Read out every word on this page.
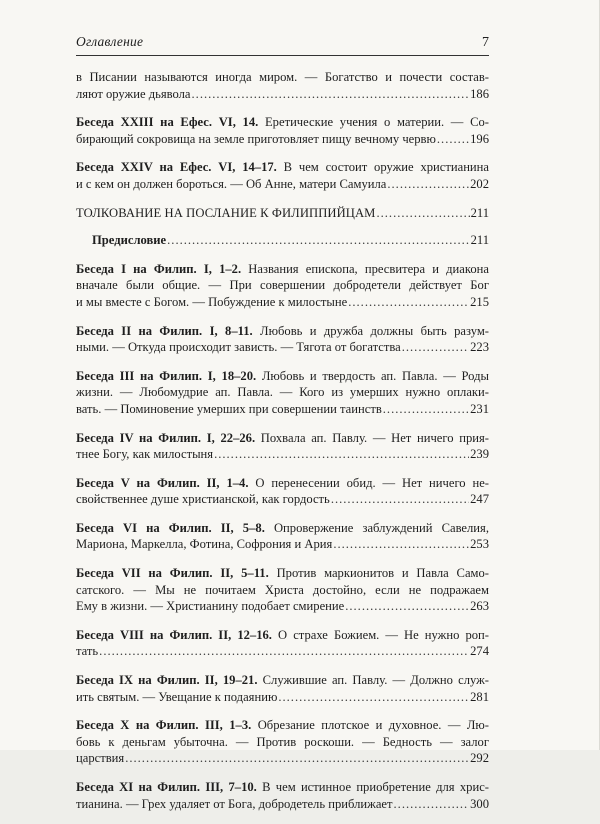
Оглавление	7
в Писании называются иногда миром. — Богатство и почести состав-
ляют оружие дьявола .....	186
Беседа XXIII на Ефес. VI, 14. Еретические учения о материи. — Со-
бирающий сокровища на земле приготовляет пищу вечному червю .....	196
Беседа XXIV на Ефес. VI, 14–17. В чем состоит оружие христианина
и с кем он должен бороться. — Об Анне, матери Самуила .....	202
ТОЛКОВАНИЕ НА ПОСЛАНИЕ К ФИЛИППИЙЦАМ .....	211
Предисловие .....	211
Беседа I на Филип. I, 1–2. Названия епископа, пресвитера и диакона
вначале были общие. — При совершении добродетели действует Бог
и мы вместе с Богом. — Побуждение к милостыне .....	215
Беседа II на Филип. I, 8–11. Любовь и дружба должны быть разум-
ными. — Откуда происходит зависть. — Тягота от богатства .....	223
Беседа III на Филип. I, 18–20. Любовь и твердость ап. Павла. — Роды
жизни. — Любомудрие ап. Павла. — Кого из умерших нужно оплаки-
вать. — Поминовение умерших при совершении таинств .....	231
Беседа IV на Филип. I, 22–26. Похвала ап. Павлу. — Нет ничего прия-
тнее Богу, как милостыня .....	239
Беседа V на Филип. II, 1–4. О перенесении обид. — Нет ничего не-
свойственнее душе христианской, как гордость .....	247
Беседа VI на Филип. II, 5–8. Опровержение заблуждений Савелия,
Мариона, Маркелла, Фотина, Софрония и Ария .....	253
Беседа VII на Филип. II, 5–11. Против маркионитов и Павла Само-
сатского. — Мы не почитаем Христа достойно, если не подражаем
Ему в жизни. — Христианину подобает смирение .....	263
Беседа VIII на Филип. II, 12–16. О страхе Божием. — Не нужно роп-
тать .....	274
Беседа IX на Филип. II, 19–21. Служившие ап. Павлу. — Должно служ-
ить святым. — Увещание к подаянию .....	281
Беседа X на Филип. III, 1–3. Обрезание плотское и духовное. — Лю-
бовь к деньгам убыточна. — Против роскоши. — Бедность — залог
царствия .....	292
Беседа XI на Филип. III, 7–10. В чем истинное приобретение для хрис-
тианина. — Грех удаляет от Бога, добродетель приближает .....	300
